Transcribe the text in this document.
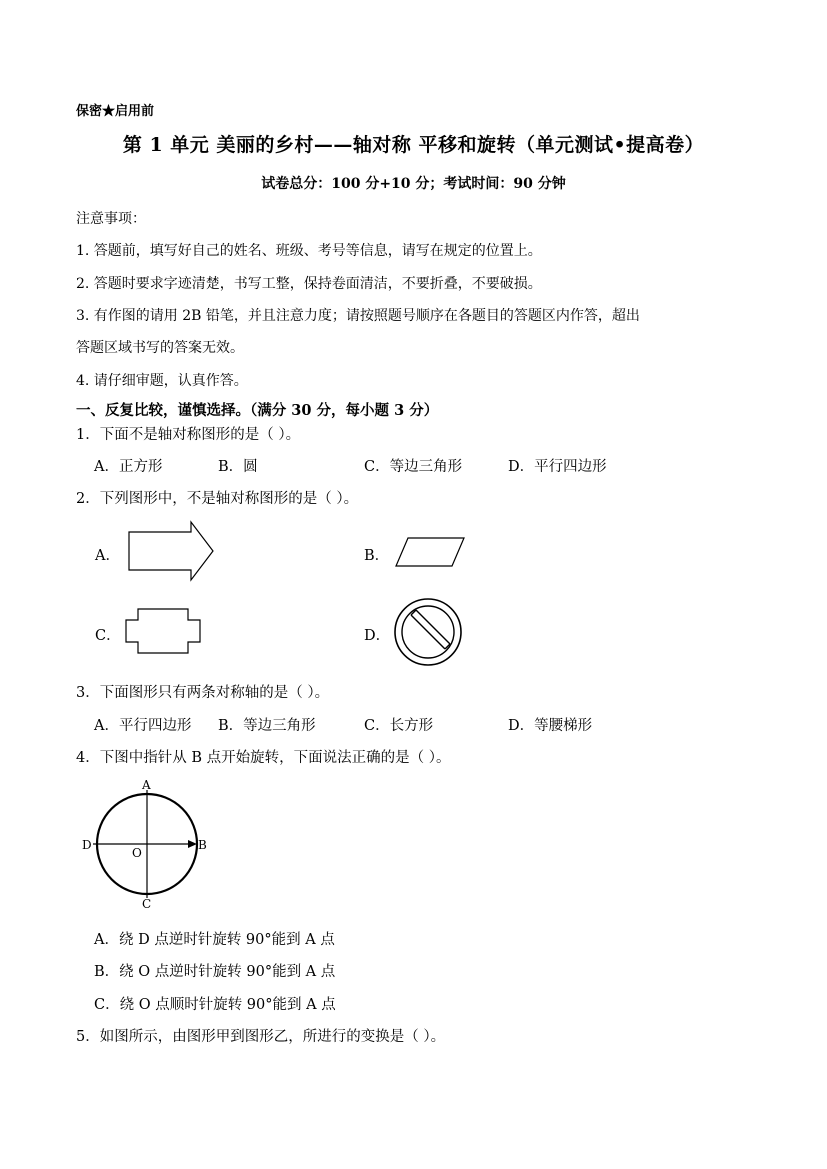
保密★启用前
第 1 单元 美丽的乡村——轴对称 平移和旋转（单元测试•提高卷）
试卷总分：100 分+10 分；考试时间：90 分钟
注意事项：
1. 答题前，填写好自己的姓名、班级、考号等信息，请写在规定的位置上。
2. 答题时要求字迹清楚，书写工整，保持卷面清洁，不要折叠，不要破损。
3. 有作图的请用 2B 铅笔，并且注意力度；请按照题号顺序在各题目的答题区内作答，超出
答题区域书写的答案无效。
4. 请仔细审题，认真作答。
一、反复比较，谨慎选择。（满分 30 分，每小题 3 分）
1．下面不是轴对称图形的是（ ）。
A．正方形	B．圆	C．等边三角形	D．平行四边形
2．下列图形中，不是轴对称图形的是（ ）。
A．	B．
C．	D．
3．下面图形只有两条对称轴的是（ ）。
A．平行四边形 B．等边三角形	C．长方形	D．等腰梯形
4．下图中指针从 B 点开始旋转，下面说法正确的是（ ）。
A
B
C
D
O
A．绕 D 点逆时针旋转 90°能到 A 点
B．绕 O 点逆时针旋转 90°能到 A 点
C．绕 O 点顺时针旋转 90°能到 A 点
5．如图所示，由图形甲到图形乙，所进行的变换是（ ）。
